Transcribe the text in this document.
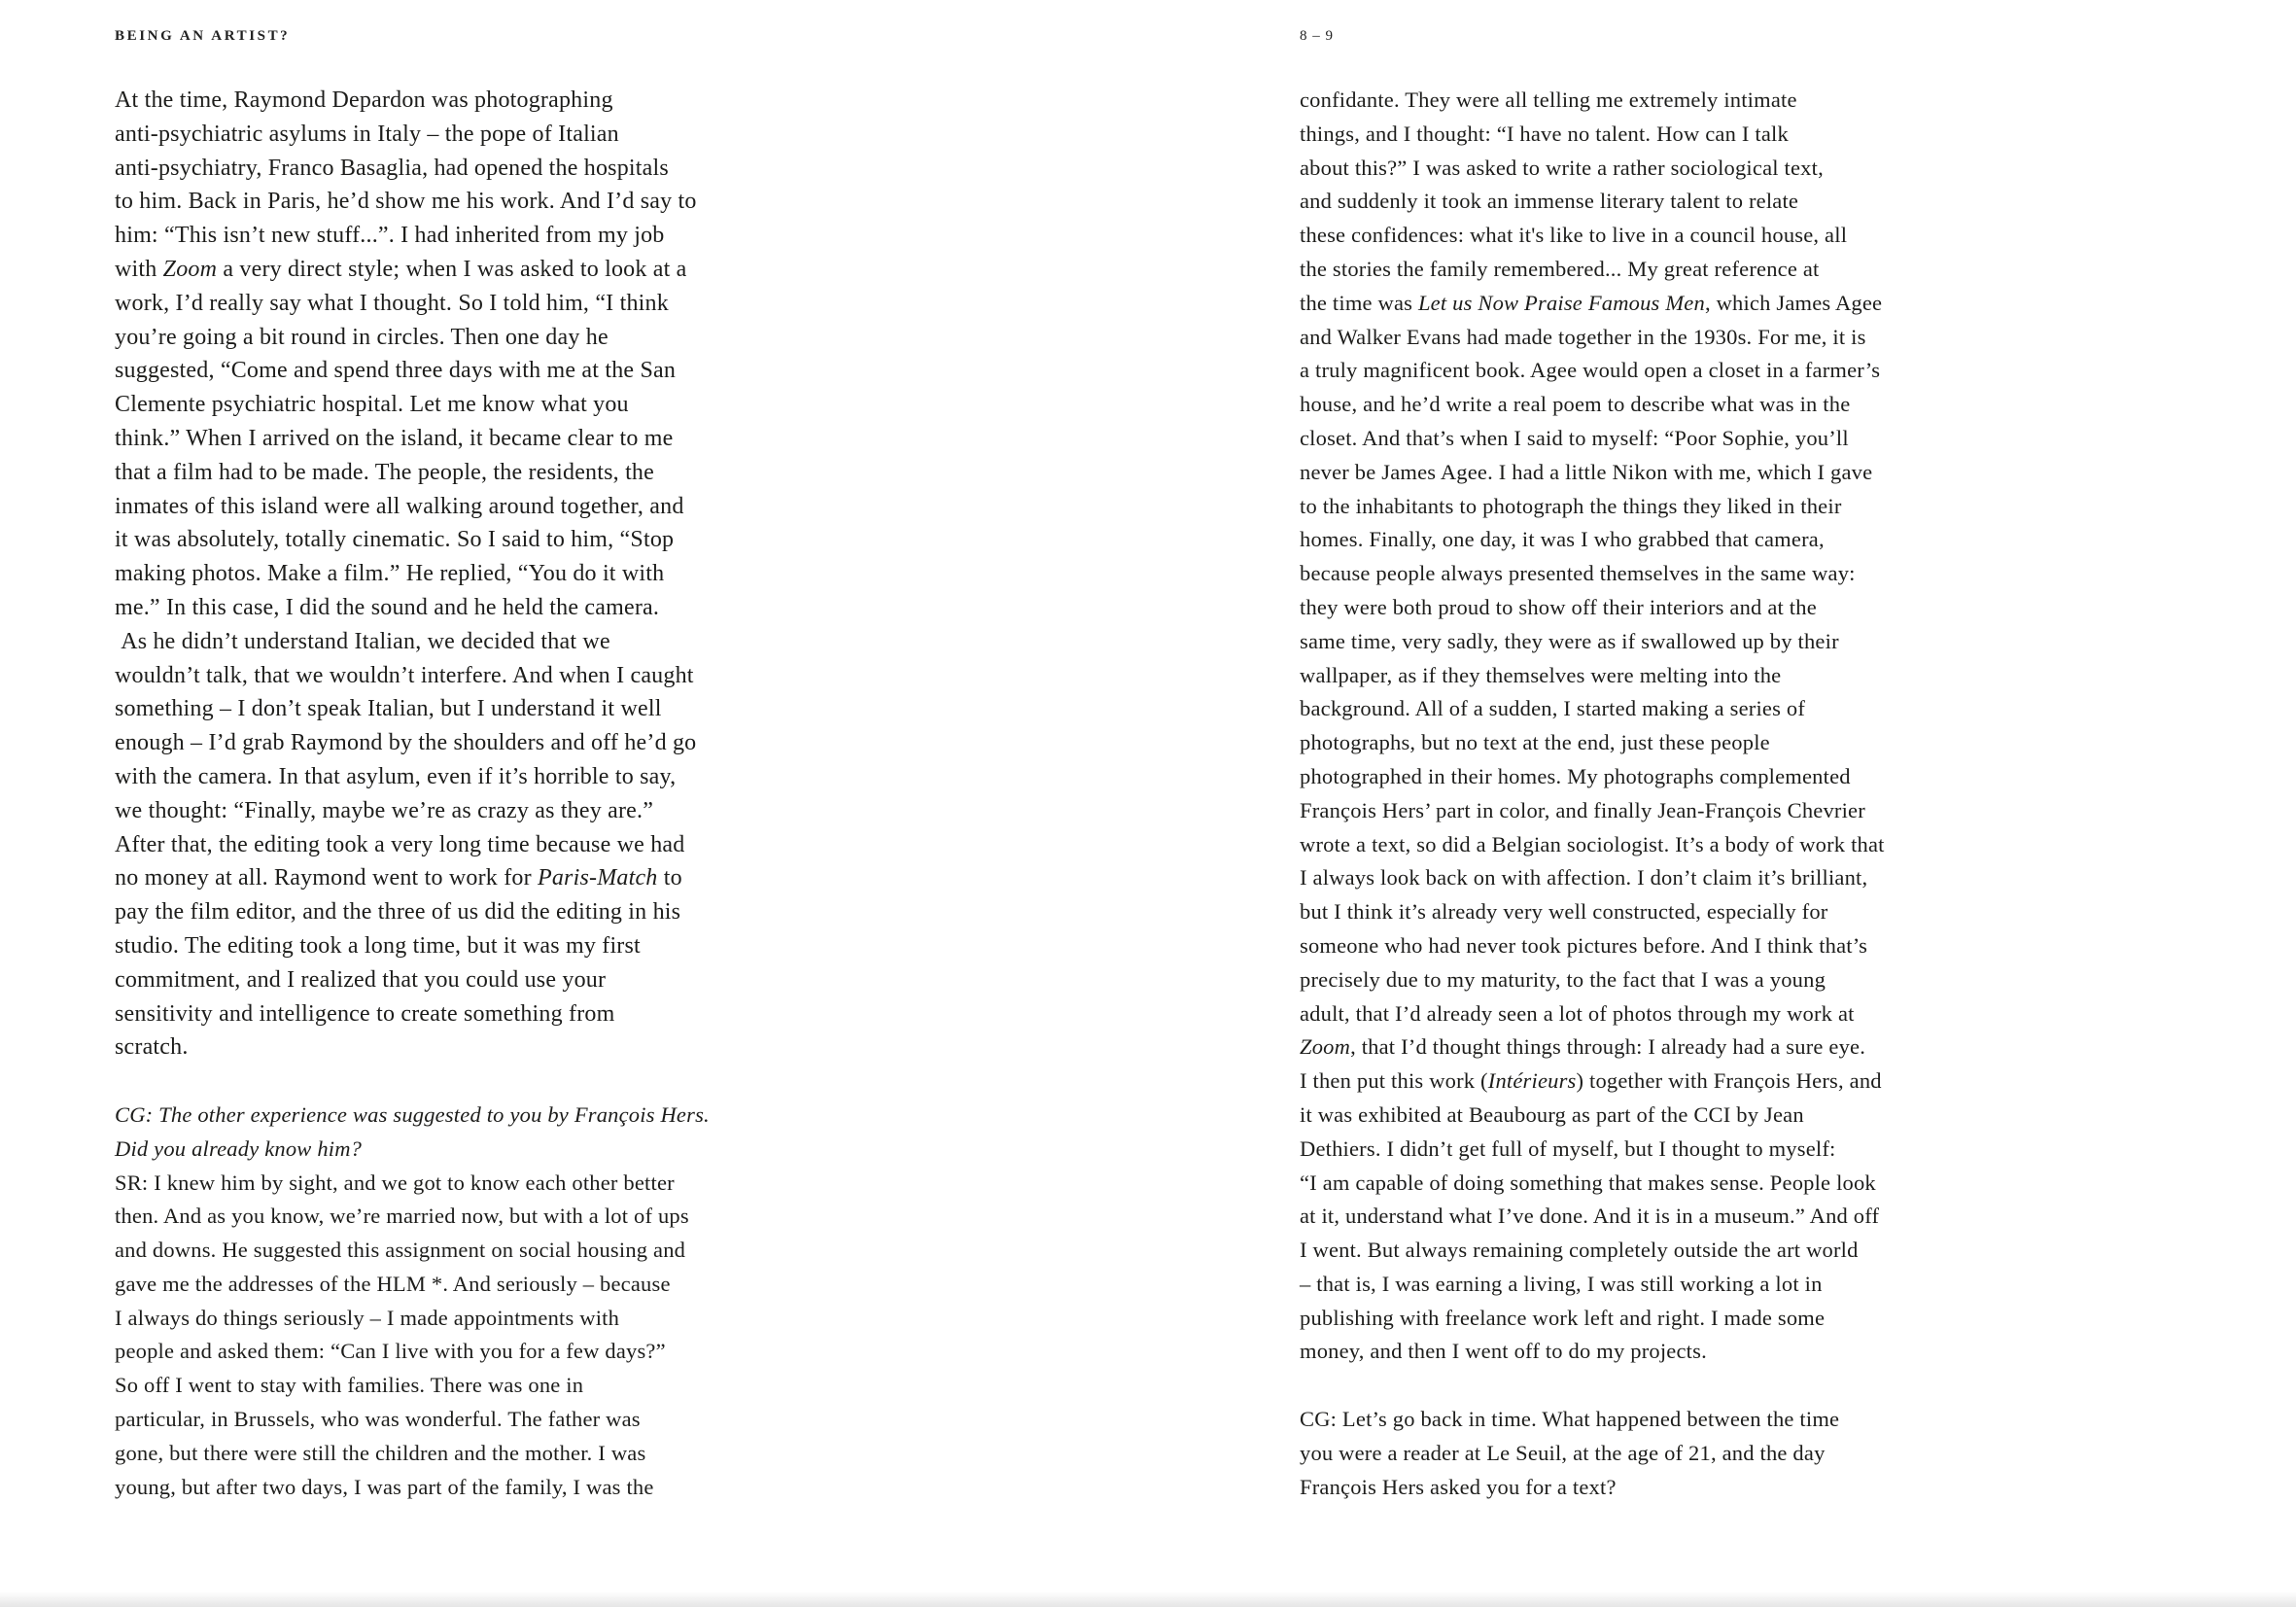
BEING AN ARTIST?
At the time, Raymond Depardon was photographing
anti-psychiatric asylums in Italy – the pope of Italian
anti-psychiatry, Franco Basaglia, had opened the hospitals
to him. Back in Paris, he’d show me his work. And I’d say to
him: “This isn’t new stuff...”. I had inherited from my job
with Zoom a very direct style; when I was asked to look at a
work, I’d really say what I thought. So I told him, “I think
you’re going a bit round in circles. Then one day he
suggested, “Come and spend three days with me at the San
Clemente psychiatric hospital. Let me know what you
think.” When I arrived on the island, it became clear to me
that a film had to be made. The people, the residents, the
inmates of this island were all walking around together, and
it was absolutely, totally cinematic. So I said to him, “Stop
making photos. Make a film.” He replied, “You do it with
me.” In this case, I did the sound and he held the camera.
As he didn’t understand Italian, we decided that we
wouldn’t talk, that we wouldn’t interfere. And when I caught
something – I don’t speak Italian, but I understand it well
enough – I’d grab Raymond by the shoulders and off he’d go
with the camera. In that asylum, even if it’s horrible to say,
we thought: “Finally, maybe we’re as crazy as they are.”
After that, the editing took a very long time because we had
no money at all. Raymond went to work for Paris-Match to
pay the film editor, and the three of us did the editing in his
studio. The editing took a long time, but it was my first
commitment, and I realized that you could use your
sensitivity and intelligence to create something from
scratch.

CG: The other experience was suggested to you by François Hers.
Did you already know him?
SR: I knew him by sight, and we got to know each other better
then. And as you know, we’re married now, but with a lot of ups
and downs. He suggested this assignment on social housing and
gave me the addresses of the HLM *. And seriously – because
I always do things seriously – I made appointments with
people and asked them: “Can I live with you for a few days?”
So off I went to stay with families. There was one in
particular, in Brussels, who was wonderful. The father was
gone, but there were still the children and the mother. I was
young, but after two days, I was part of the family, I was the
8 – 9
confidante. They were all telling me extremely intimate
things, and I thought: “I have no talent. How can I talk
about this?” I was asked to write a rather sociological text,
and suddenly it took an immense literary talent to relate
these confidences: what it's like to live in a council house, all
the stories the family remembered... My great reference at
the time was Let us Now Praise Famous Men, which James Agee
and Walker Evans had made together in the 1930s. For me, it is
a truly magnificent book. Agee would open a closet in a farmer’s
house, and he’d write a real poem to describe what was in the
closet. And that’s when I said to myself: “Poor Sophie, you’ll
never be James Agee. I had a little Nikon with me, which I gave
to the inhabitants to photograph the things they liked in their
homes. Finally, one day, it was I who grabbed that camera,
because people always presented themselves in the same way:
they were both proud to show off their interiors and at the
same time, very sadly, they were as if swallowed up by their
wallpaper, as if they themselves were melting into the
background. All of a sudden, I started making a series of
photographs, but no text at the end, just these people
photographed in their homes. My photographs complemented
François Hers’ part in color, and finally Jean-François Chevrier
wrote a text, so did a Belgian sociologist. It’s a body of work that
I always look back on with affection. I don’t claim it’s brilliant,
but I think it’s already very well constructed, especially for
someone who had never took pictures before. And I think that’s
precisely due to my maturity, to the fact that I was a young
adult, that I’d already seen a lot of photos through my work at
Zoom, that I’d thought things through: I already had a sure eye.
I then put this work (Intérieurs) together with François Hers, and
it was exhibited at Beaubourg as part of the CCI by Jean
Dethiers. I didn’t get full of myself, but I thought to myself:
“I am capable of doing something that makes sense. People look
at it, understand what I’ve done. And it is in a museum.” And off
I went. But always remaining completely outside the art world
– that is, I was earning a living, I was still working a lot in
publishing with freelance work left and right. I made some
money, and then I went off to do my projects.

CG: Let’s go back in time. What happened between the time
you were a reader at Le Seuil, at the age of 21, and the day
François Hers asked you for a text?
